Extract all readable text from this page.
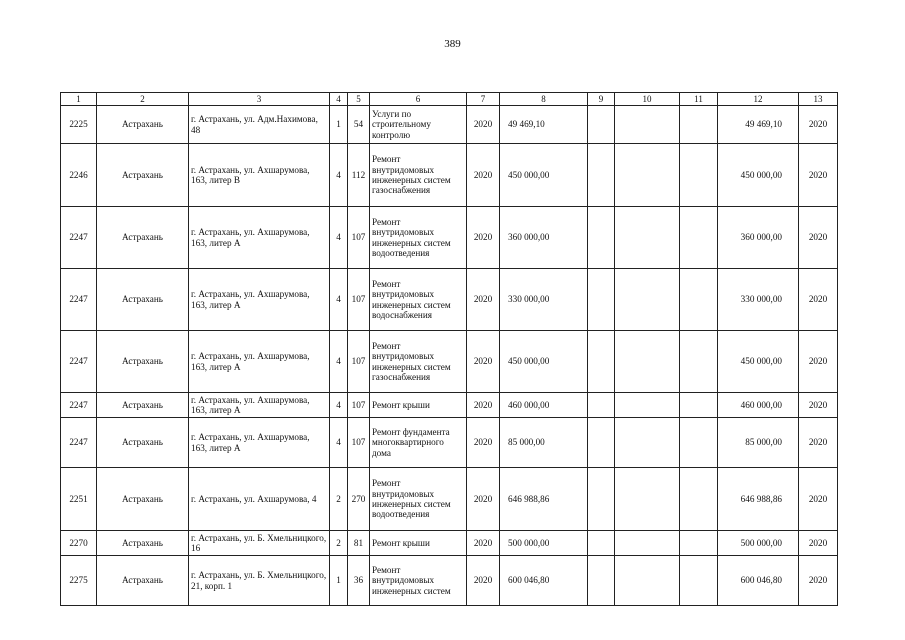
389
1	2	3	4	5	6	7	8	9	10	11	12	13
2225	Астрахань	г. Астрахань, ул. Адм.Нахимова, 48	1	54	Услуги по строительному контролю	2020	49 469,10				49 469,10	2020
2246	Астрахань	г. Астрахань, ул. Ахшарумова, 163, литер В	4	112	Ремонт внутридомовых инженерных систем газоснабжения	2020	450 000,00				450 000,00	2020
2247	Астрахань	г. Астрахань, ул. Ахшарумова, 163, литер А	4	107	Ремонт внутридомовых инженерных систем водоотведения	2020	360 000,00				360 000,00	2020
2247	Астрахань	г. Астрахань, ул. Ахшарумова, 163, литер А	4	107	Ремонт внутридомовых инженерных систем водоснабжения	2020	330 000,00				330 000,00	2020
2247	Астрахань	г. Астрахань, ул. Ахшарумова, 163, литер А	4	107	Ремонт внутридомовых инженерных систем газоснабжения	2020	450 000,00				450 000,00	2020
2247	Астрахань	г. Астрахань, ул. Ахшарумова, 163, литер А	4	107	Ремонт крыши	2020	460 000,00				460 000,00	2020
2247	Астрахань	г. Астрахань, ул. Ахшарумова, 163, литер А	4	107	Ремонт фундамента многоквартирного дома	2020	85 000,00				85 000,00	2020
2251	Астрахань	г. Астрахань, ул. Ахшарумова, 4	2	270	Ремонт внутридомовых инженерных систем водоотведения	2020	646 988,86				646 988,86	2020
2270	Астрахань	г. Астрахань, ул. Б. Хмельницкого, 16	2	81	Ремонт крыши	2020	500 000,00				500 000,00	2020
2275	Астрахань	г. Астрахань, ул. Б. Хмельницкого, 21, корп. 1	1	36	Ремонт внутридомовых инженерных систем	2020	600 046,80				600 046,80	2020
